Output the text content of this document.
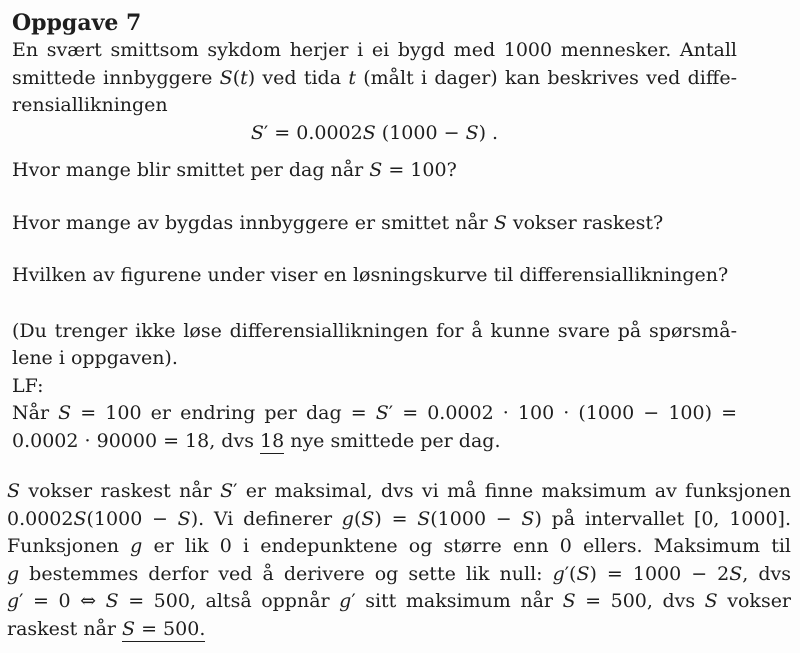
Oppgave 7
En svært smittsom sykdom herjer i ei bygd med 1000 mennesker. Antall
smittede innbyggere S(t) ved tida t (målt i dager) kan beskrives ved diffe-
rensiallikningen
S′ = 0.0002S (1000 − S) .
Hvor mange blir smittet per dag når S = 100?
Hvor mange av bygdas innbyggere er smittet når S vokser raskest?
Hvilken av figurene under viser en løsningskurve til differensiallikningen?
(Du trenger ikke løse differensiallikningen for å kunne svare på spørsmå-
lene i oppgaven).
LF:
Når S = 100 er endring per dag = S′ = 0.0002 · 100 · (1000 − 100) =
0.0002 · 90000 = 18, dvs 18 nye smittede per dag.
S vokser raskest når S′ er maksimal, dvs vi må finne maksimum av funksjonen
0.0002S(1000 − S). Vi definerer g(S) = S(1000 − S) på intervallet [0, 1000].
Funksjonen g er lik 0 i endepunktene og større enn 0 ellers. Maksimum til
g bestemmes derfor ved å derivere og sette lik null: g′(S) = 1000 − 2S, dvs
g′ = 0 ⇔ S = 500, altså oppnår g′ sitt maksimum når S = 500, dvs S vokser
raskest når S = 500.
